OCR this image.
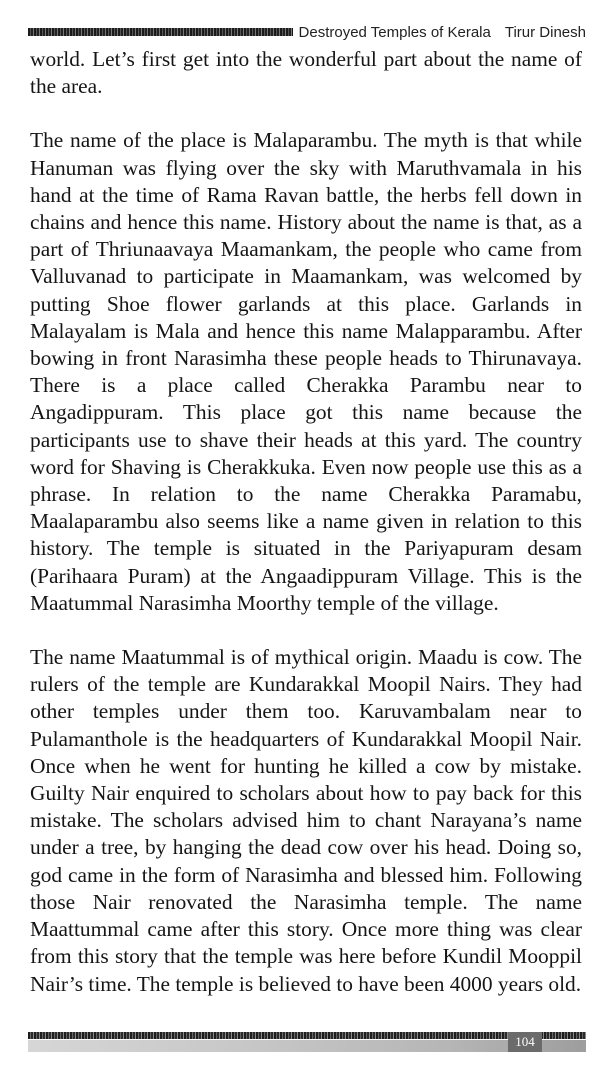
Destroyed Temples of Kerala Tirur Dinesh

world. Let’s first get into the wonderful part about the name of the area.

The name of the place is Malaparambu. The myth is that while Hanuman was flying over the sky with Maruthvamala in his hand at the time of Rama Ravan battle, the herbs fell down in chains and hence this name. History about the name is that, as a part of Thriunaavaya Maamankam, the people who came from Valluvanad to participate in Maamankam, was welcomed by putting Shoe flower garlands at this place. Garlands in Malayalam is Mala and hence this name Malapparambu. After bowing in front Narasimha these people heads to Thirunavaya. There is a place called Cherakka Parambu near to Angadippuram. This place got this name because the participants use to shave their heads at this yard. The country word for Shaving is Cherakkuka. Even now people use this as a phrase. In relation to the name Cherakka Paramabu, Maalaparambu also seems like a name given in relation to this history. The temple is situated in the Pariyapuram desam (Parihaara Puram) at the Angaadippuram Village. This is the Maatummal Narasimha Moorthy temple of the village.

The name Maatummal is of mythical origin. Maadu is cow. The rulers of the temple are Kundarakkal Moopil Nairs. They had other temples under them too. Karuvambalam near to Pulamanthole is the headquarters of Kundarakkal Moopil Nair. Once when he went for hunting he killed a cow by mistake. Guilty Nair enquired to scholars about how to pay back for this mistake. The scholars advised him to chant Narayana’s name under a tree, by hanging the dead cow over his head. Doing so, god came in the form of Narasimha and blessed him. Following those Nair renovated the Narasimha temple. The name Maattummal came after this story. Once more thing was clear from this story that the temple was here before Kundil Mooppil Nair’s time. The temple is believed to have been 4000 years old.

104
